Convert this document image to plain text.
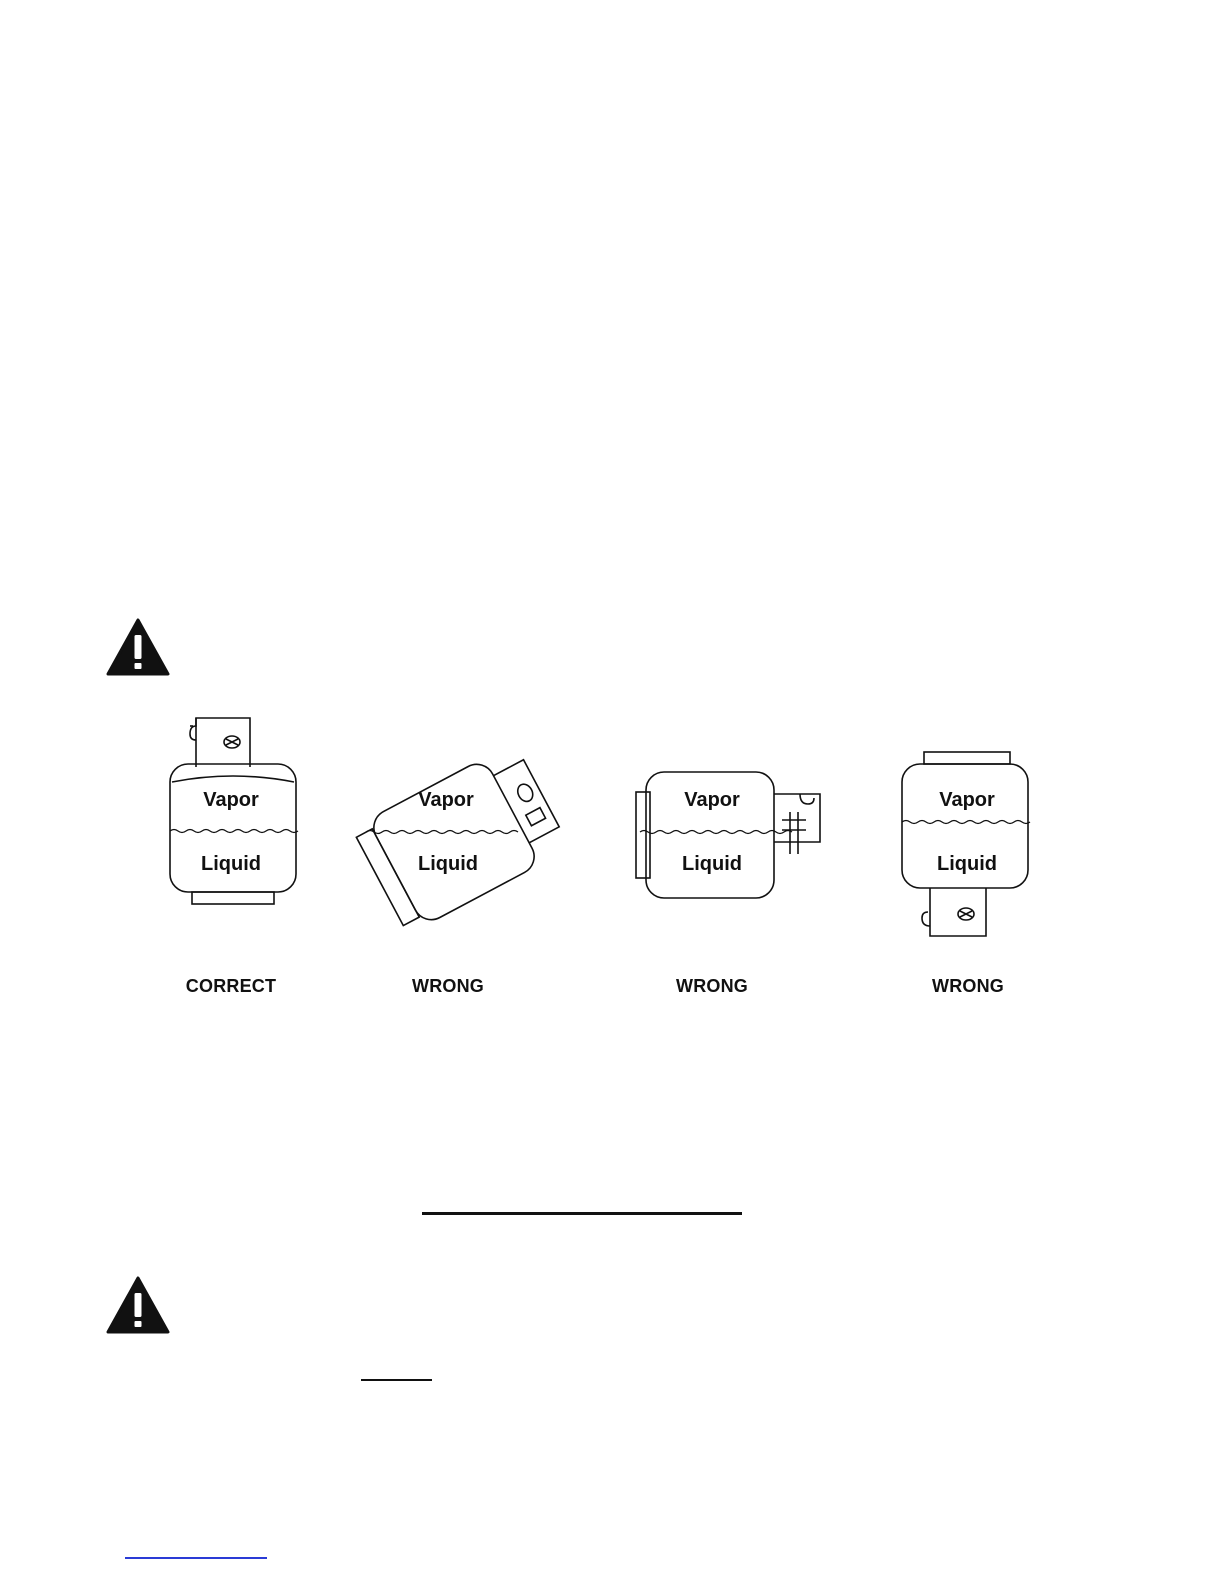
Vapor
Liquid
Vapor
Liquid
Vapor
Liquid
Vapor
Liquid
CORRECT	WRONG	WRONG	WRONG
